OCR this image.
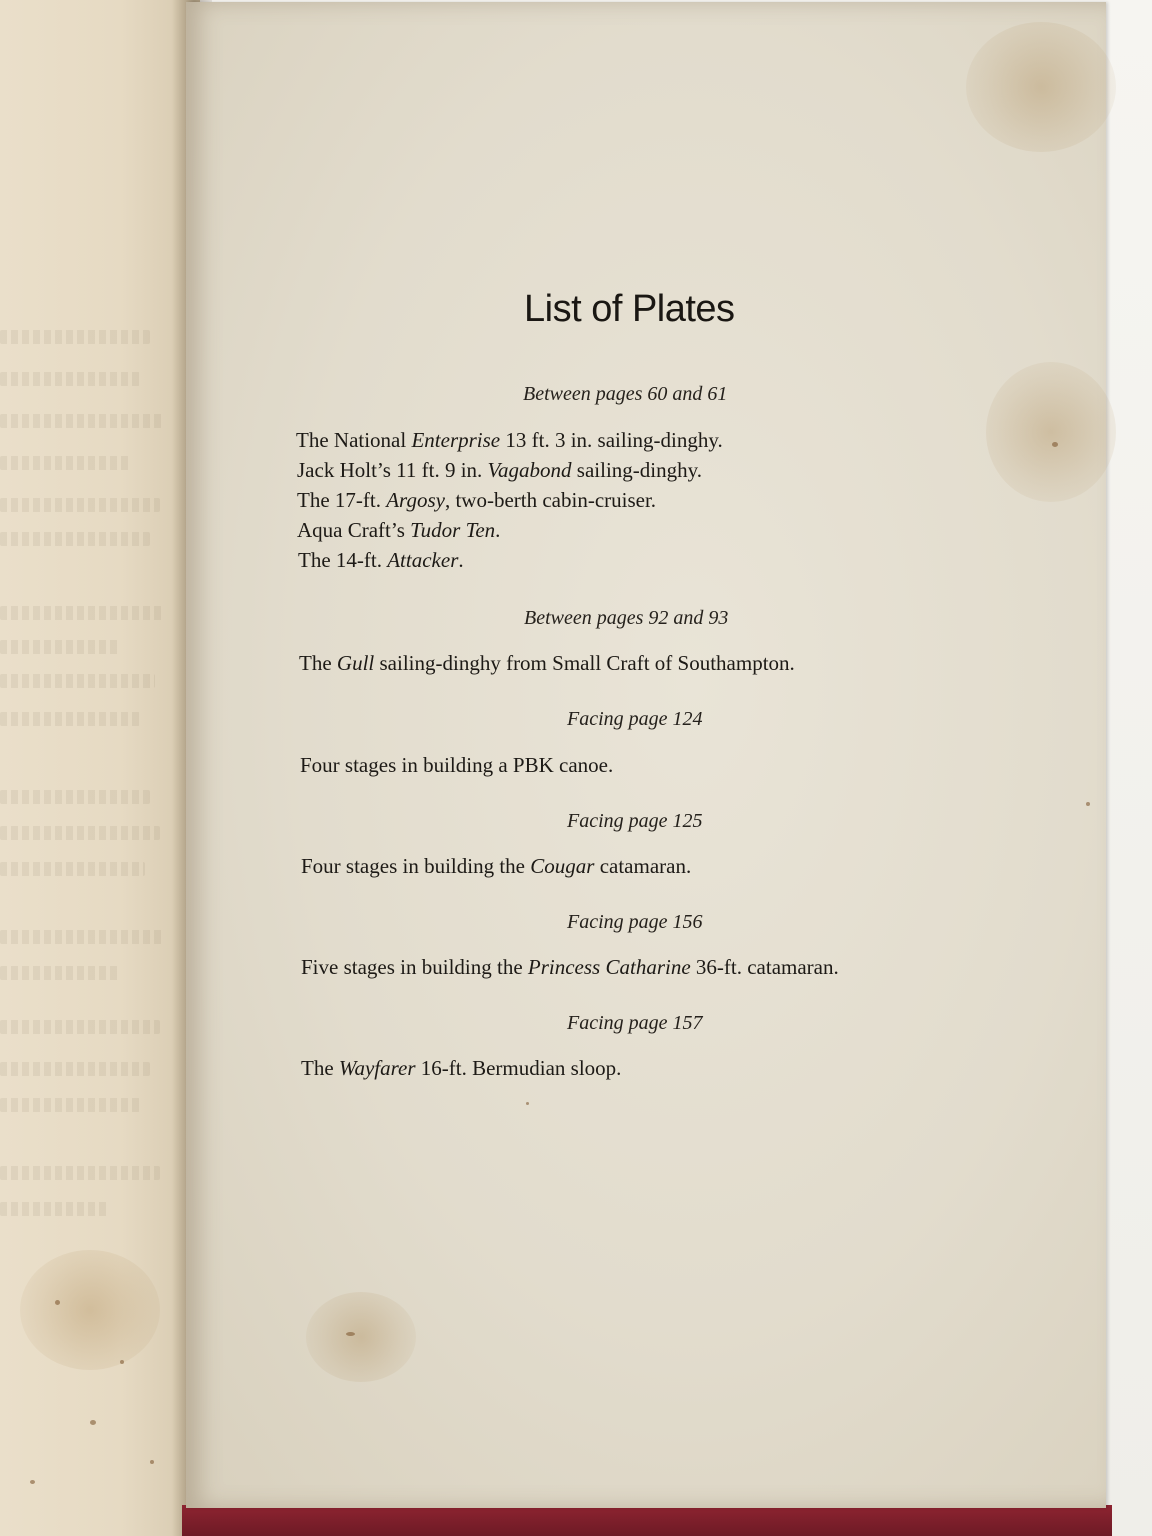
List of Plates
Between pages 60 and 61
The National Enterprise 13 ft. 3 in. sailing-dinghy.
Jack Holt’s 11 ft. 9 in. Vagabond sailing-dinghy.
The 17-ft. Argosy, two-berth cabin-cruiser.
Aqua Craft’s Tudor Ten.
The 14-ft. Attacker.
Between pages 92 and 93
The Gull sailing-dinghy from Small Craft of Southampton.
Facing page 124
Four stages in building a PBK canoe.
Facing page 125
Four stages in building the Cougar catamaran.
Facing page 156
Five stages in building the Princess Catharine 36-ft. catamaran.
Facing page 157
The Wayfarer 16-ft. Bermudian sloop.
